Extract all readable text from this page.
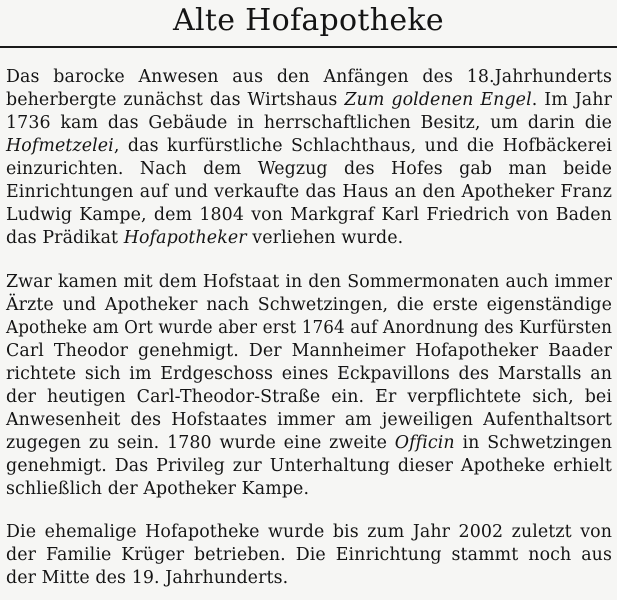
Alte Hofapotheke
Das barocke Anwesen aus den Anfängen des 18.Jahrhunderts
beherbergte zunächst das Wirtshaus Zum goldenen Engel. Im Jahr
1736 kam das Gebäude in herrschaftlichen Besitz, um darin die
Hofmetzelei, das kurfürstliche Schlachthaus, und die Hofbäckerei
einzurichten. Nach dem Wegzug des Hofes gab man beide
Einrichtungen auf und verkaufte das Haus an den Apotheker Franz
Ludwig Kampe, dem 1804 von Markgraf Karl Friedrich von Baden
das Prädikat Hofapotheker verliehen wurde.
Zwar kamen mit dem Hofstaat in den Sommermonaten auch immer
Ärzte und Apotheker nach Schwetzingen, die erste eigenständige
Apotheke am Ort wurde aber erst 1764 auf Anordnung des Kurfürsten
Carl Theodor genehmigt. Der Mannheimer Hofapotheker Baader
richtete sich im Erdgeschoss eines Eckpavillons des Marstalls an
der heutigen Carl-Theodor-Straße ein. Er verpflichtete sich, bei
Anwesenheit des Hofstaates immer am jeweiligen Aufenthaltsort
zugegen zu sein. 1780 wurde eine zweite Officin in Schwetzingen
genehmigt. Das Privileg zur Unterhaltung dieser Apotheke erhielt
schließlich der Apotheker Kampe.
Die ehemalige Hofapotheke wurde bis zum Jahr 2002 zuletzt von
der Familie Krüger betrieben. Die Einrichtung stammt noch aus
der Mitte des 19. Jahrhunderts.
